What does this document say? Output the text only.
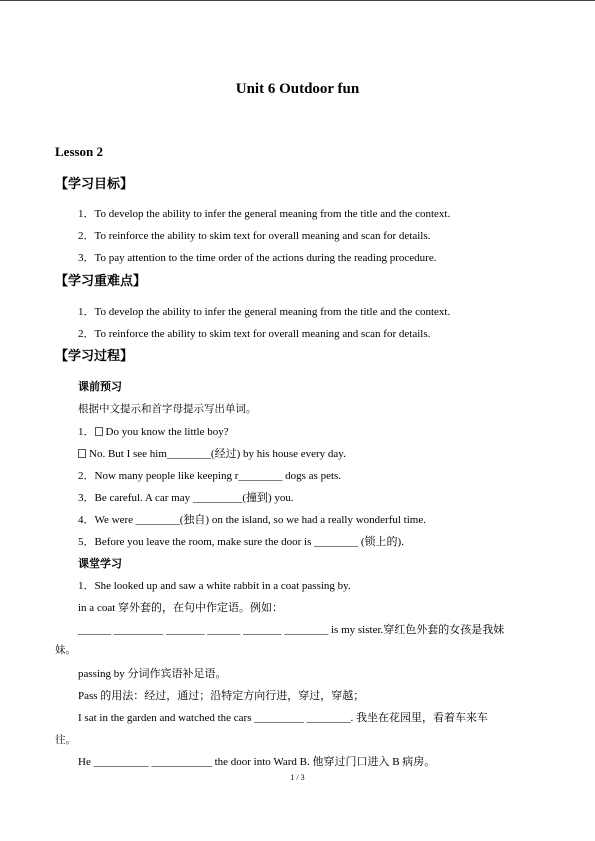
Unit 6 Outdoor fun
Lesson 2
【学习目标】
1．To develop the ability to infer the general meaning from the title and the context.
2．To reinforce the ability to skim text for overall meaning and scan for details.
3．To pay attention to the time order of the actions during the reading procedure.
【学习重难点】
1．To develop the ability to infer the general meaning from the title and the context.
2．To reinforce the ability to skim text for overall meaning and scan for details.
【学习过程】
课前预习
根据中文提示和首字母提示写出单词。
1． Do you know the little boy?
No. But I see him________(经过) by his house every day.
2．Now many people like keeping r________ dogs as pets.
3．Be careful. A car may _________(撞到) you.
4．We were ________(独自) on the island, so we had a really wonderful time.
5．Before you leave the room, make sure the door is ________ (锁上的).
课堂学习
1．She looked up and saw a white rabbit in a coat passing by.
in a coat 穿外套的，在句中作定语。例如：
______ _________ _______ ______ _______ ________ is my sister.穿红色外套的女孩是我妹
妹。
passing by 分词作宾语补足语。
Pass 的用法：经过，通过；沿特定方向行进，穿过，穿越；
I sat in the garden and watched the cars _________ ________. 我坐在花园里，看着车来车
往。
He __________ ___________ the door into Ward B. 他穿过门口进入 B 病房。
1 / 3
